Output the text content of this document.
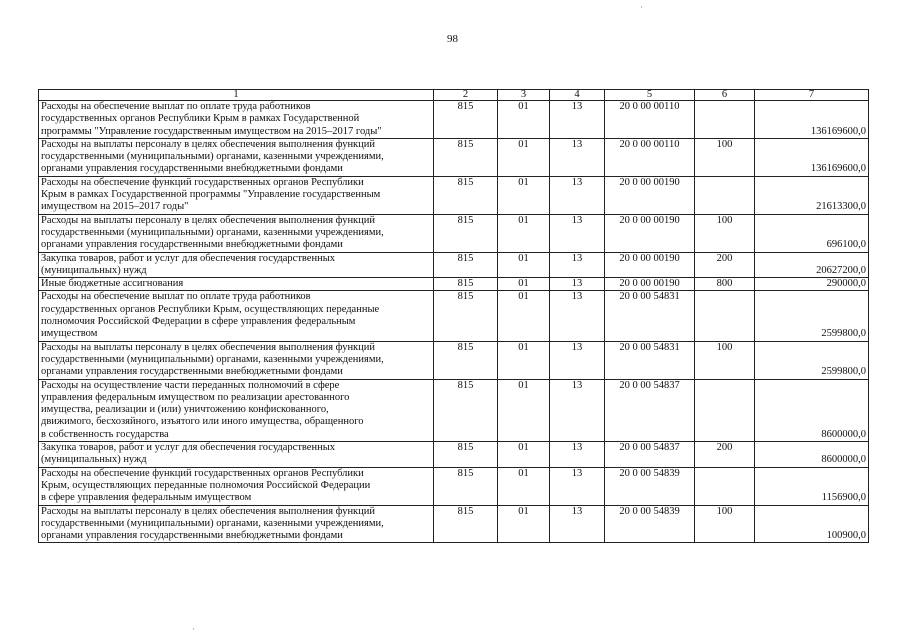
98
·
·
1	2	3	4	5	6	7
Расходы на обеспечение выплат по оплате труда работников
государственных органов Республики Крым в рамках Государственной
программы "Управление государственным имуществом на 2015–2017 годы"	815	01	13	20 0 00 00110		136169600,0
Расходы на выплаты персоналу в целях обеспечения выполнения функций
государственными (муниципальными) органами, казенными учреждениями,
органами управления государственными внебюджетными фондами	815	01	13	20 0 00 00110	100	136169600,0
Расходы на обеспечение функций государственных органов Республики
Крым в рамках Государственной программы "Управление государственным
имуществом на 2015–2017 годы"	815	01	13	20 0 00 00190		21613300,0
Расходы на выплаты персоналу в целях обеспечения выполнения функций
государственными (муниципальными) органами, казенными учреждениями,
органами управления государственными внебюджетными фондами	815	01	13	20 0 00 00190	100	696100,0
Закупка товаров, работ и услуг для обеспечения государственных
(муниципальных) нужд	815	01	13	20 0 00 00190	200	20627200,0
Иные бюджетные ассигнования	815	01	13	20 0 00 00190	800	290000,0
Расходы на обеспечение выплат по оплате труда работников
государственных органов Республики Крым, осуществляющих переданные
полномочия Российской Федерации в сфере управления федеральным
имуществом	815	01	13	20 0 00 54831		2599800,0
Расходы на выплаты персоналу в целях обеспечения выполнения функций
государственными (муниципальными) органами, казенными учреждениями,
органами управления государственными внебюджетными фондами	815	01	13	20 0 00 54831	100	2599800,0
Расходы на осуществление части переданных полномочий в сфере
управления федеральным имуществом по реализации арестованного
имущества, реализации и (или) уничтожению конфискованного,
движимого, бесхозяйного, изъятого или иного имущества, обращенного
в собственность государства	815	01	13	20 0 00 54837		8600000,0
Закупка товаров, работ и услуг для обеспечения государственных
(муниципальных) нужд	815	01	13	20 0 00 54837	200	8600000,0
Расходы на обеспечение функций государственных органов Республики
Крым, осуществляющих переданные полномочия Российской Федерации
в сфере управления федеральным имуществом	815	01	13	20 0 00 54839		1156900,0
Расходы на выплаты персоналу в целях обеспечения выполнения функций
государственными (муниципальными) органами, казенными учреждениями,
органами управления государственными внебюджетными фондами	815	01	13	20 0 00 54839	100	100900,0
